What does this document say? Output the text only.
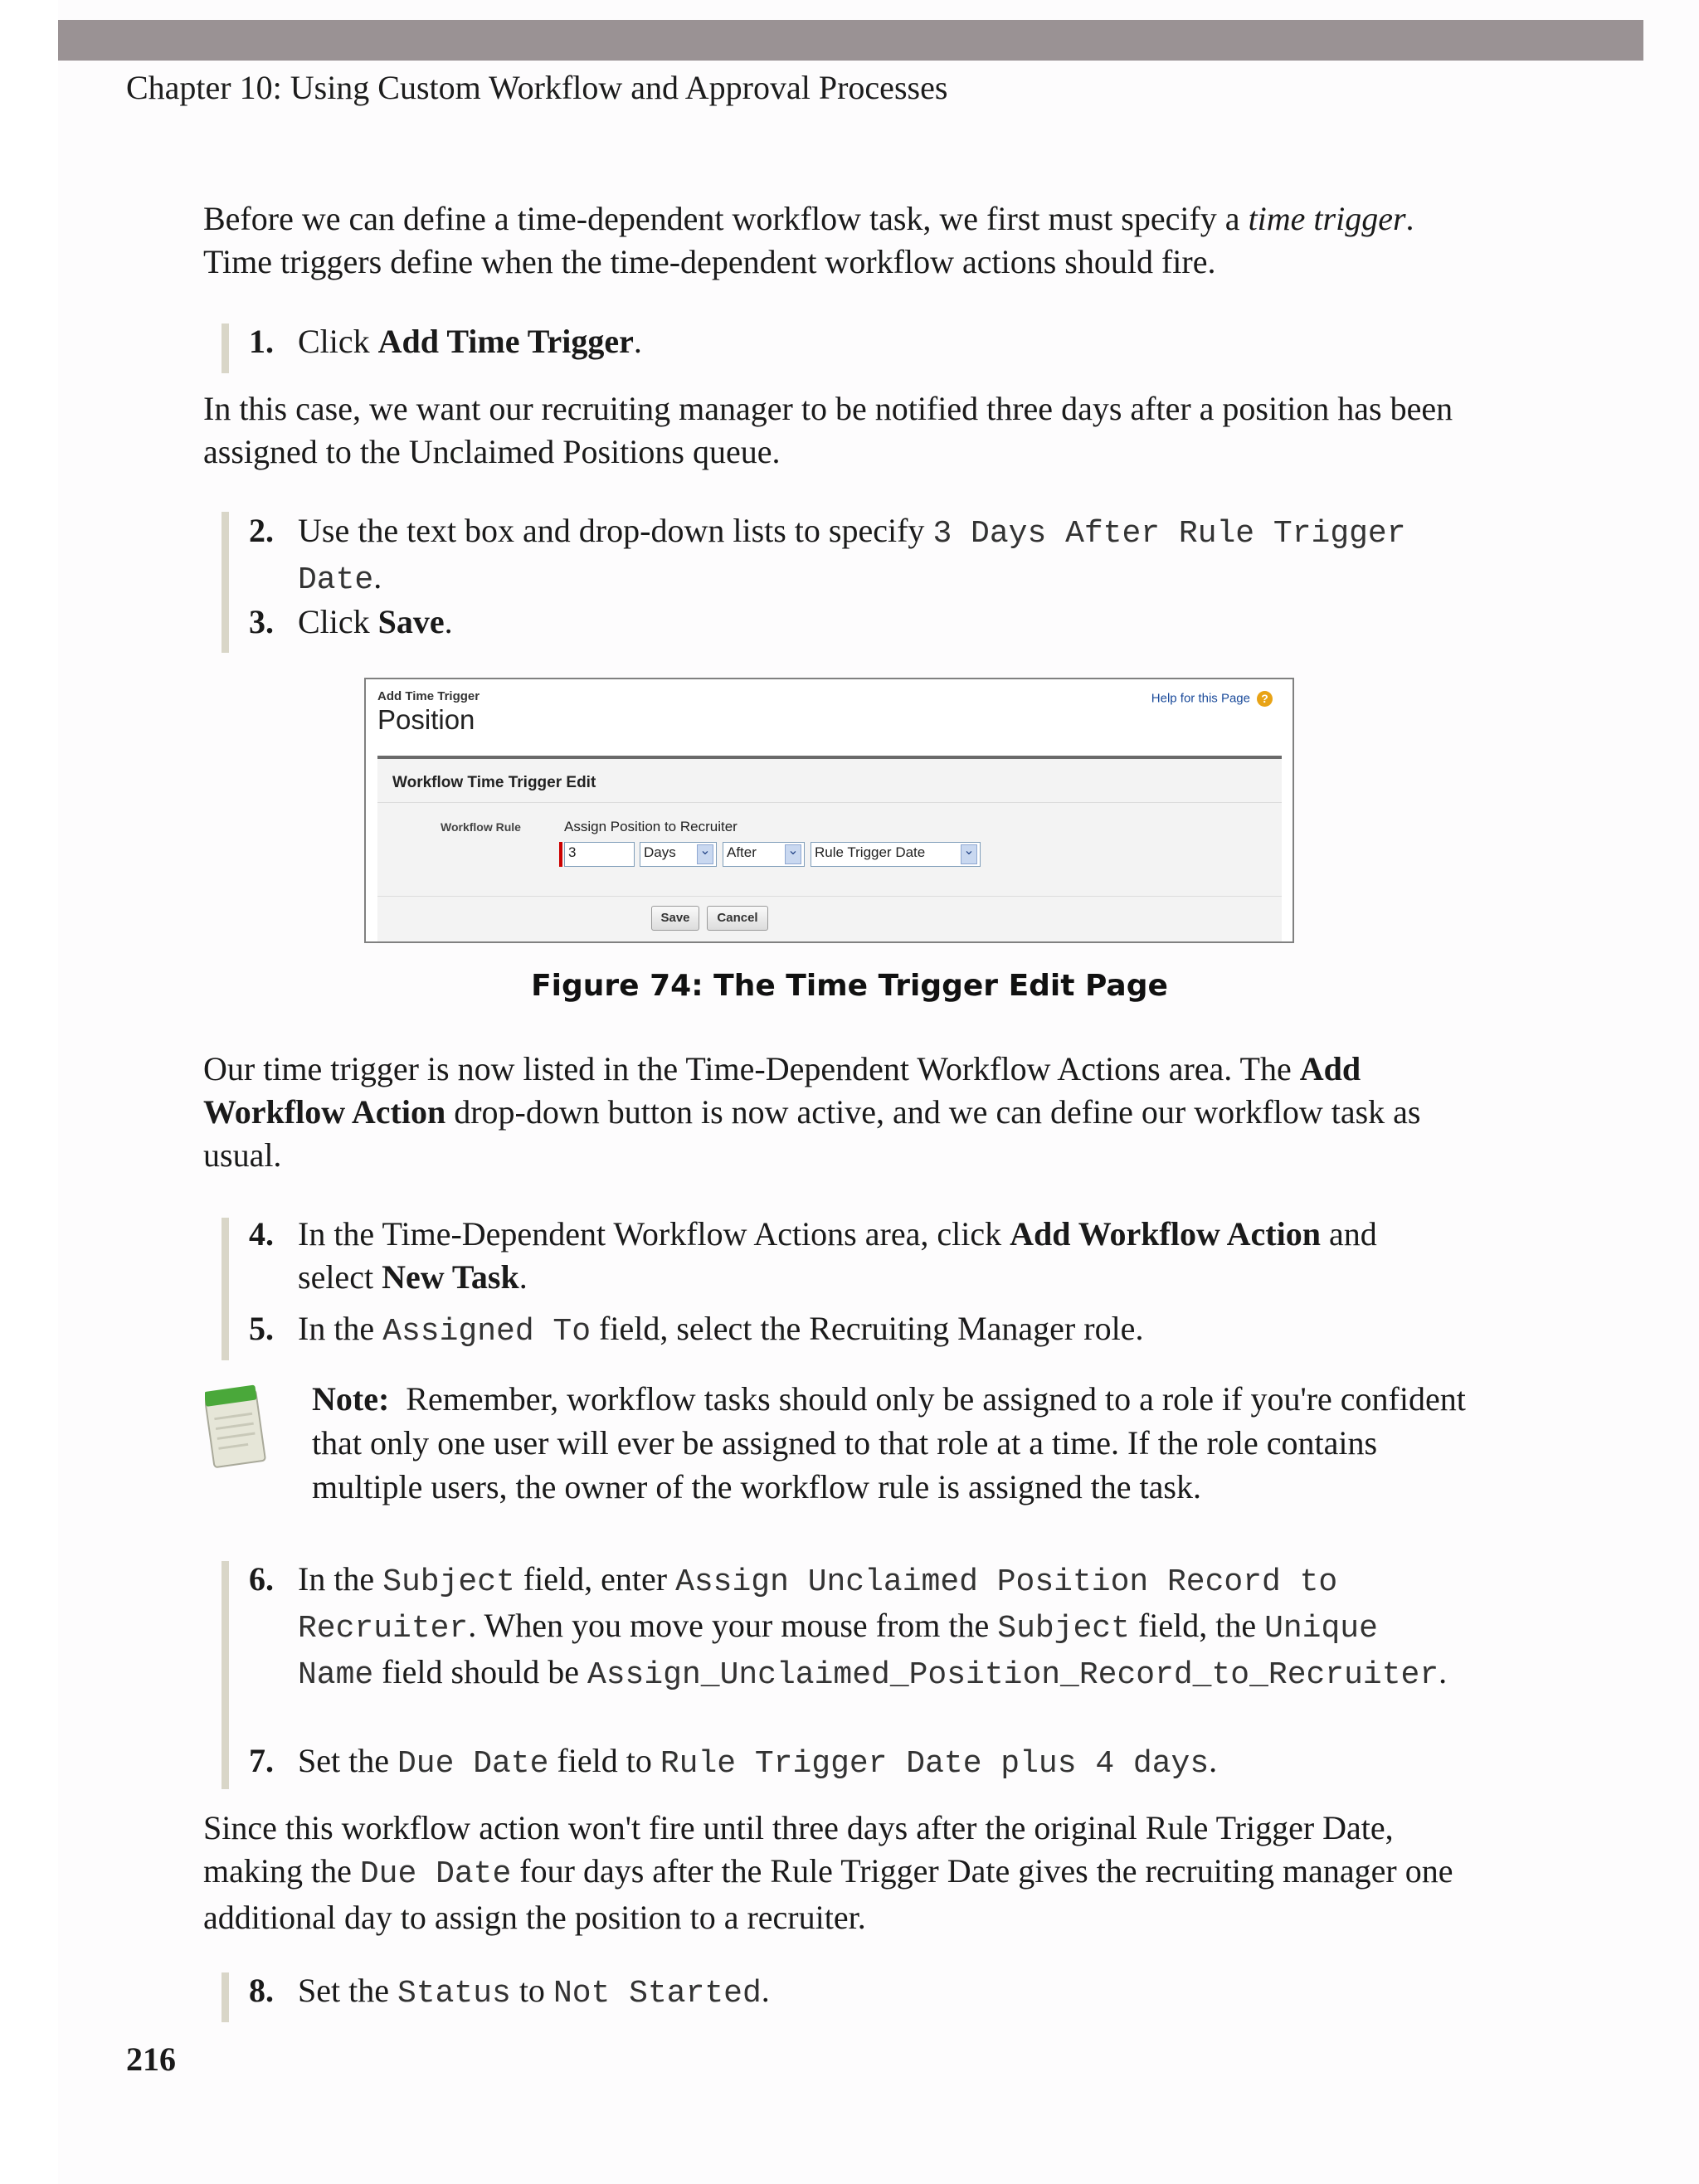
Chapter 10: Using Custom Workflow and Approval Processes
Before we can define a time-dependent workflow task, we first must specify a time trigger.
Time triggers define when the time-dependent workflow actions should fire.
1. Click Add Time Trigger.
In this case, we want our recruiting manager to be notified three days after a position has been assigned to the Unclaimed Positions queue.
2. Use the text box and drop-down lists to specify 3 Days After Rule Trigger Date.
3. Click Save.
Add Time Trigger
Position
Help for this Page ?
Workflow Time Trigger Edit
Workflow Rule	Assign Position to Recruiter
3	Days ⌄	After ⌄	Rule Trigger Date ⌄
Save	Cancel
Figure 74: The Time Trigger Edit Page
Our time trigger is now listed in the Time-Dependent Workflow Actions area. The Add Workflow Action drop-down button is now active, and we can define our workflow task as usual.
4. In the Time-Dependent Workflow Actions area, click Add Workflow Action and select New Task.
5. In the Assigned To field, select the Recruiting Manager role.
Note: Remember, workflow tasks should only be assigned to a role if you're confident that only one user will ever be assigned to that role at a time. If the role contains multiple users, the owner of the workflow rule is assigned the task.
6. In the Subject field, enter Assign Unclaimed Position Record to Recruiter. When you move your mouse from the Subject field, the Unique Name field should be Assign_Unclaimed_Position_Record_to_Recruiter.
7. Set the Due Date field to Rule Trigger Date plus 4 days.
Since this workflow action won't fire until three days after the original Rule Trigger Date, making the Due Date four days after the Rule Trigger Date gives the recruiting manager one additional day to assign the position to a recruiter.
8. Set the Status to Not Started.
216
